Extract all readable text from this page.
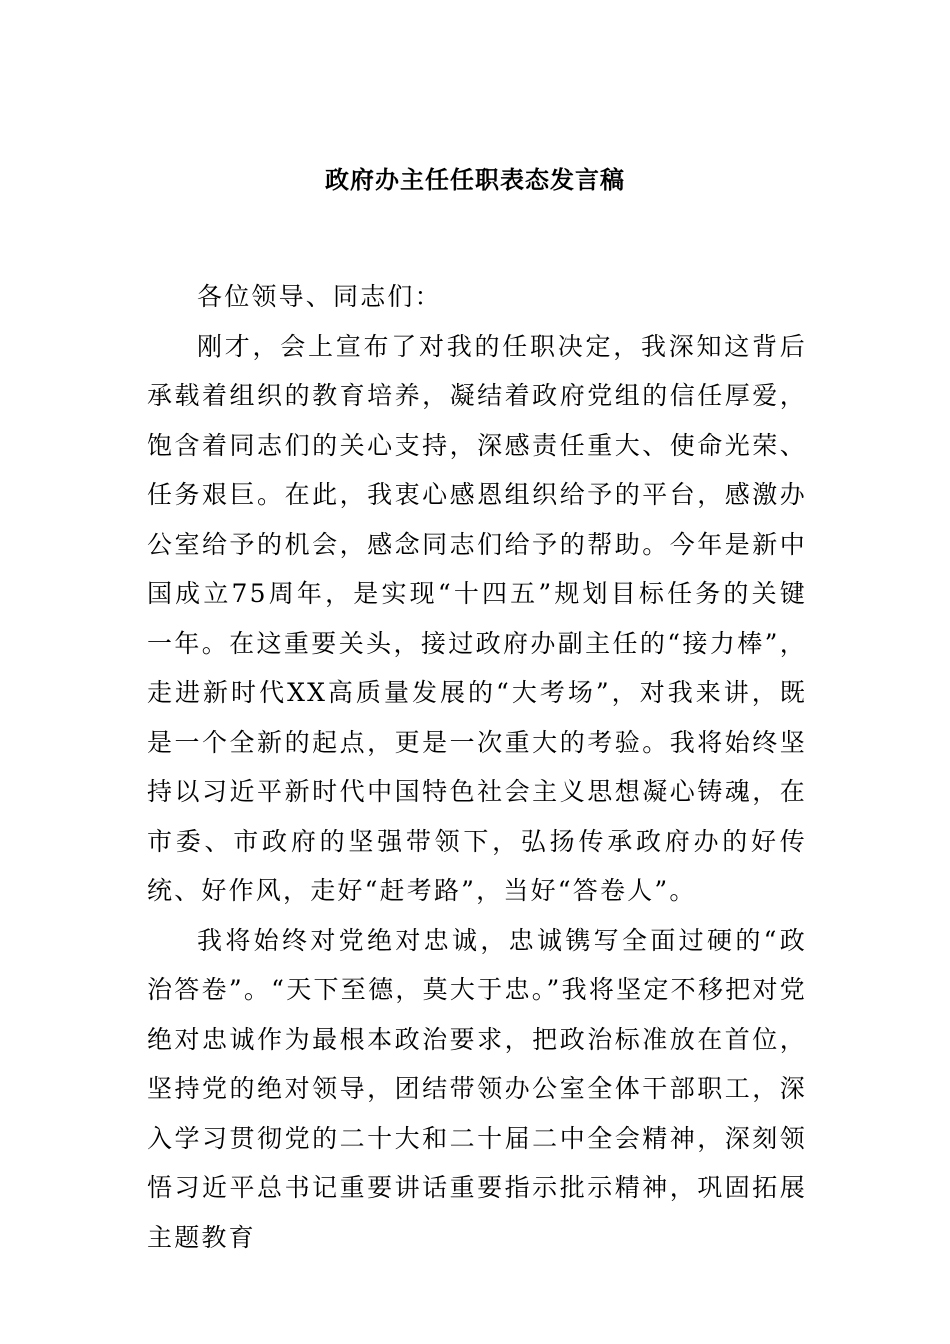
政府办主任任职表态发言稿

各位领导、同志们：

刚才，会上宣布了对我的任职决定，我深知这背后承载着组织的教育培养，凝结着政府党组的信任厚爱，饱含着同志们的关心支持，深感责任重大、使命光荣、任务艰巨。在此，我衷心感恩组织给予的平台，感激办公室给予的机会，感念同志们给予的帮助。今年是新中国成立75周年，是实现“十四五”规划目标任务的关键一年。在这重要关头，接过政府办副主任的“接力棒”，走进新时代XX高质量发展的“大考场”，对我来讲，既是一个全新的起点，更是一次重大的考验。我将始终坚持以习近平新时代中国特色社会主义思想凝心铸魂，在市委、市政府的坚强带领下，弘扬传承政府办的好传统、好作风，走好“赶考路”，当好“答卷人”。

我将始终对党绝对忠诚，忠诚镌写全面过硬的“政治答卷”。“天下至德，莫大于忠。”我将坚定不移把对党绝对忠诚作为最根本政治要求，把政治标准放在首位，坚持党的绝对领导，团结带领办公室全体干部职工，深入学习贯彻党的二十大和二十届二中全会精神，深刻领悟习近平总书记重要讲话重要指示批示精神，巩固拓展主题教育
